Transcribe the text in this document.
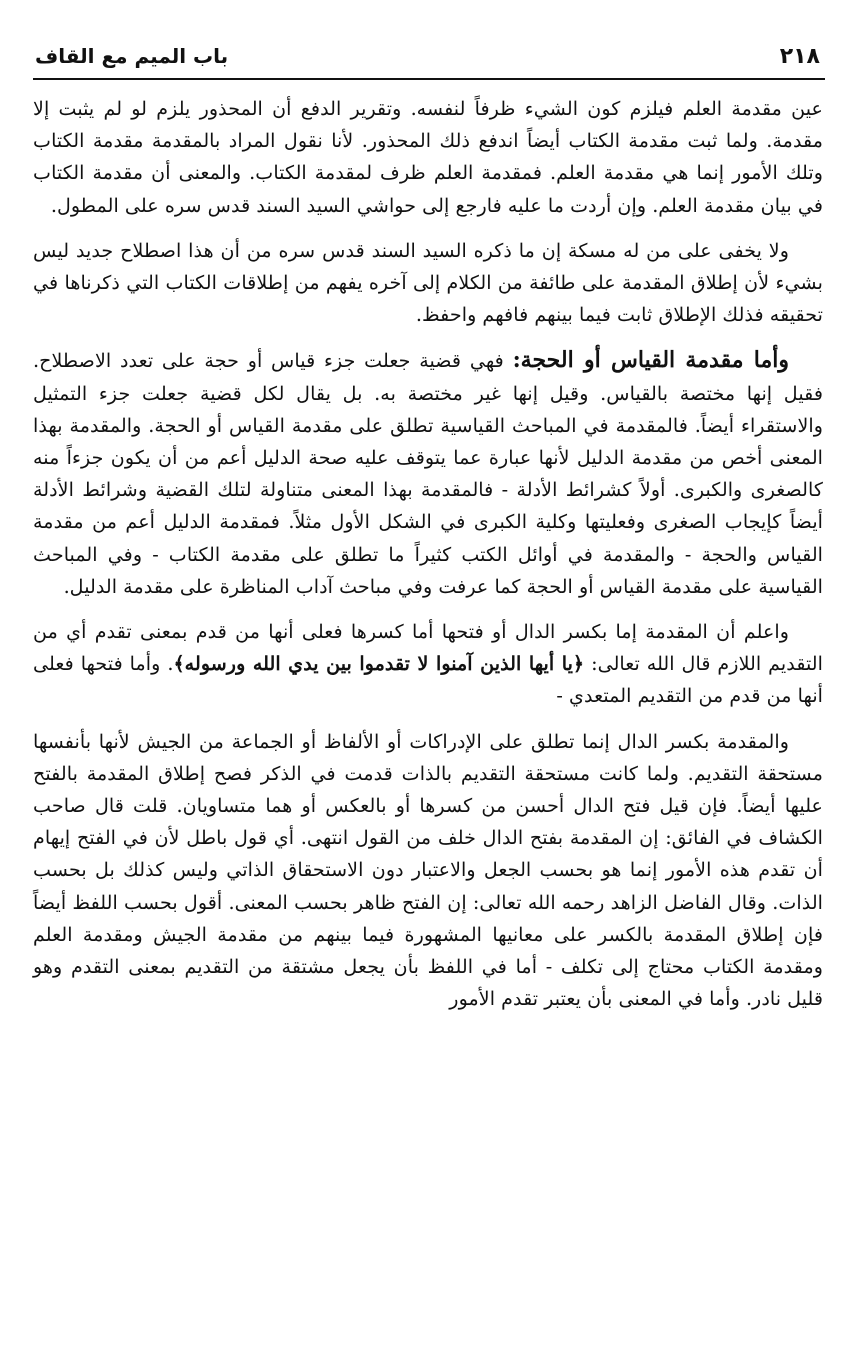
٢١٨
باب الميم مع القاف

عين مقدمة العلم فيلزم كون الشيء ظرفاً لنفسه. وتقرير الدفع أن المحذور يلزم لو لم يثبت إلا مقدمة. ولما ثبت مقدمة الكتاب أيضاً اندفع ذلك المحذور. لأنا نقول المراد بالمقدمة مقدمة الكتاب وتلك الأمور إنما هي مقدمة العلم. فمقدمة العلم ظرف لمقدمة الكتاب. والمعنى أن مقدمة الكتاب في بيان مقدمة العلم. وإن أردت ما عليه فارجع إلى حواشي السيد السند قدس سره على المطول.

ولا يخفى على من له مسكة إن ما ذكره السيد السند قدس سره من أن هذا اصطلاح جديد ليس بشيء لأن إطلاق المقدمة على طائفة من الكلام إلى آخره يفهم من إطلاقات الكتاب التي ذكرناها في تحقيقه فذلك الإطلاق ثابت فيما بينهم فافهم واحفظ.

وأما مقدمة القياس أو الحجة: فهي قضية جعلت جزء قياس أو حجة على تعدد الاصطلاح. فقيل إنها مختصة بالقياس. وقيل إنها غير مختصة به. بل يقال لكل قضية جعلت جزء التمثيل والاستقراء أيضاً. فالمقدمة في المباحث القياسية تطلق على مقدمة القياس أو الحجة. والمقدمة بهذا المعنى أخص من مقدمة الدليل لأنها عبارة عما يتوقف عليه صحة الدليل أعم من أن يكون جزءاً منه كالصغرى والكبرى. أولاً كشرائط الأدلة - فالمقدمة بهذا المعنى متناولة لتلك القضية وشرائط الأدلة أيضاً كإيجاب الصغرى وفعليتها وكلية الكبرى في الشكل الأول مثلاً. فمقدمة الدليل أعم من مقدمة القياس والحجة - والمقدمة في أوائل الكتب كثيراً ما تطلق على مقدمة الكتاب - وفي المباحث القياسية على مقدمة القياس أو الحجة كما عرفت وفي مباحث آداب المناظرة على مقدمة الدليل.

واعلم أن المقدمة إما بكسر الدال أو فتحها أما كسرها فعلى أنها من قدم بمعنى تقدم أي من التقديم اللازم قال الله تعالى: ﴿يا أيها الذين آمنوا لا تقدموا بين يدي الله ورسوله﴾. وأما فتحها فعلى أنها من قدم من التقديم المتعدي -

والمقدمة بكسر الدال إنما تطلق على الإدراكات أو الألفاظ أو الجماعة من الجيش لأنها بأنفسها مستحقة التقديم. ولما كانت مستحقة التقديم بالذات قدمت في الذكر فصح إطلاق المقدمة بالفتح عليها أيضاً. فإن قيل فتح الدال أحسن من كسرها أو بالعكس أو هما متساويان. قلت قال صاحب الكشاف في الفائق: إن المقدمة بفتح الدال خلف من القول انتهى. أي قول باطل لأن في الفتح إيهام أن تقدم هذه الأمور إنما هو بحسب الجعل والاعتبار دون الاستحقاق الذاتي وليس كذلك بل بحسب الذات. وقال الفاضل الزاهد رحمه الله تعالى: إن الفتح ظاهر بحسب المعنى. أقول بحسب اللفظ أيضاً فإن إطلاق المقدمة بالكسر على معانيها المشهورة فيما بينهم من مقدمة الجيش ومقدمة العلم ومقدمة الكتاب محتاج إلى تكلف - أما في اللفظ بأن يجعل مشتقة من التقديم بمعنى التقدم وهو قليل نادر. وأما في المعنى بأن يعتبر تقدم الأمور
